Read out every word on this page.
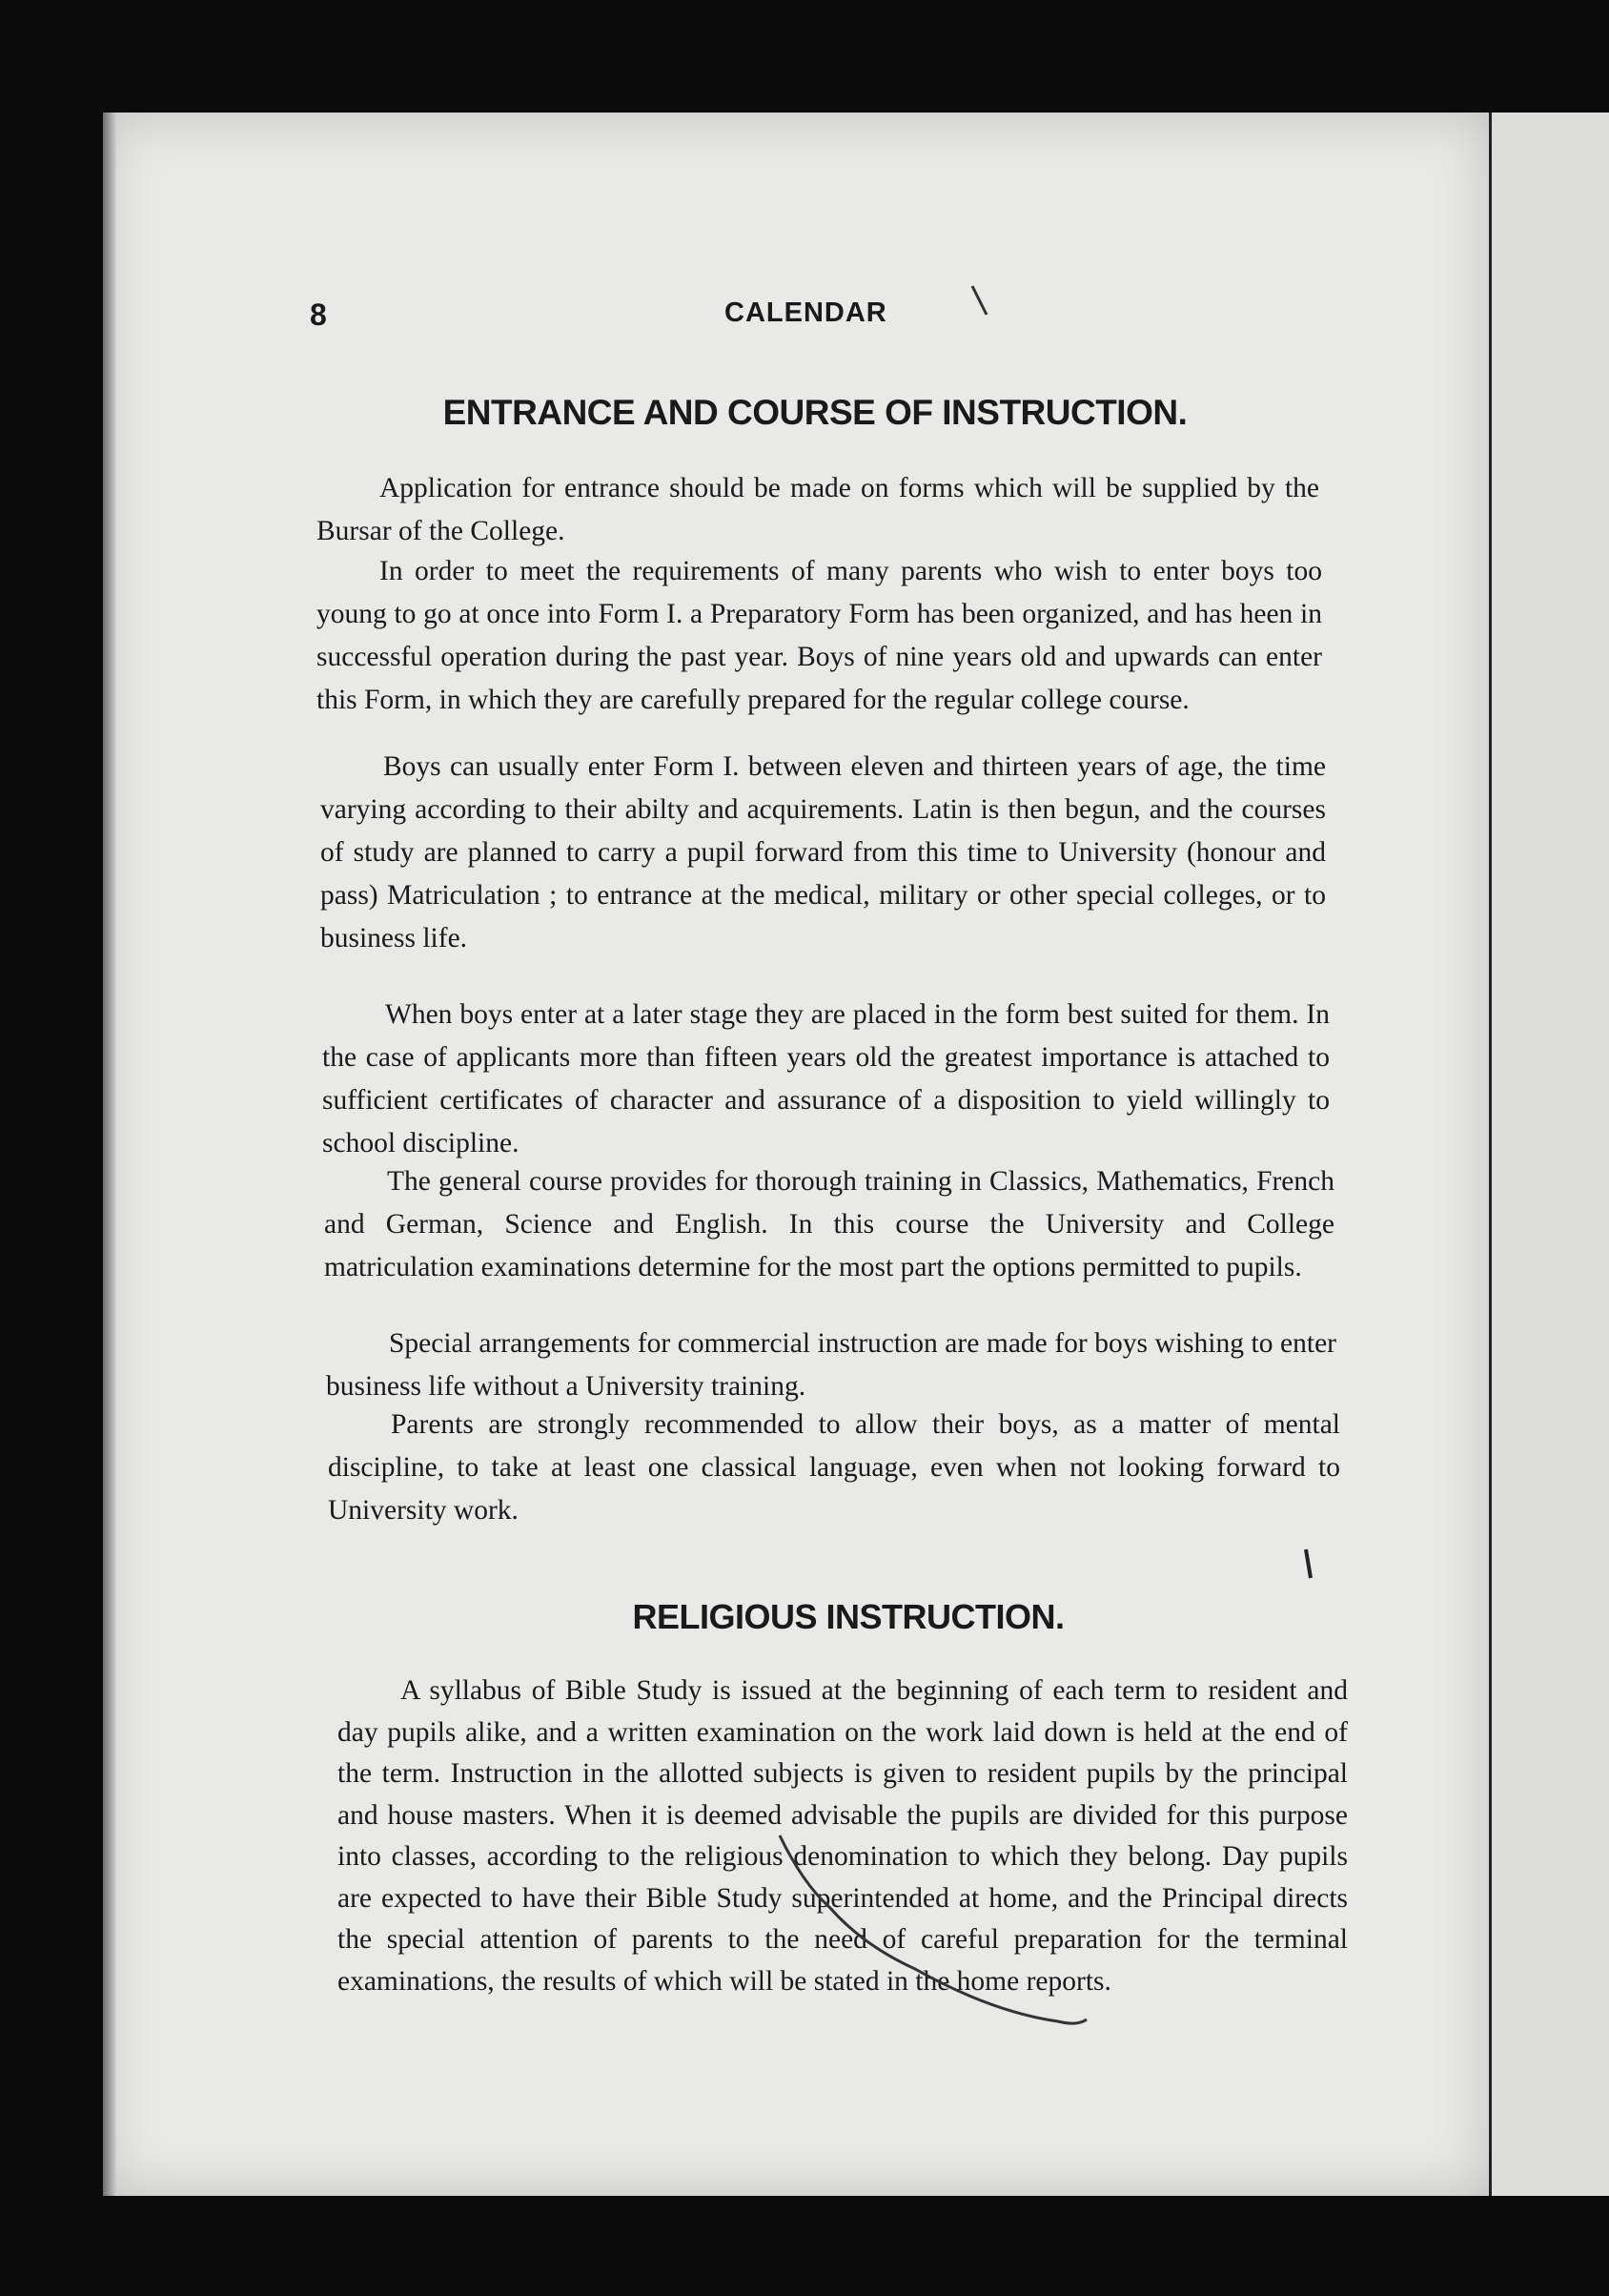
8	CALENDAR
ENTRANCE AND COURSE OF INSTRUCTION.

Application for entrance should be made on forms which will be supplied by the Bursar of the College.

In order to meet the requirements of many parents who wish to enter boys too young to go at once into Form I. a Preparatory Form has been organized, and has heen in successful operation during the past year. Boys of nine years old and upwards can enter this Form, in which they are carefully prepared for the regular college course.

Boys can usually enter Form I. between eleven and thirteen years of age, the time varying according to their abilty and acquirements. Latin is then begun, and the courses of study are planned to carry a pupil forward from this time to University (honour and pass) Matriculation ; to entrance at the medical, military or other special colleges, or to business life.

When boys enter at a later stage they are placed in the form best suited for them. In the case of applicants more than fifteen years old the greatest importance is attached to sufficient certificates of character and assurance of a disposition to yield willingly to school discipline.

The general course provides for thorough training in Classics, Mathematics, French and German, Science and English. In this course the University and College matriculation examinations determine for the most part the options permitted to pupils.

Special arrangements for commercial instruction are made for boys wishing to enter business life without a University training.

Parents are strongly recommended to allow their boys, as a matter of mental discipline, to take at least one classical language, even when not looking forward to University work.

RELIGIOUS INSTRUCTION.

A syllabus of Bible Study is issued at the beginning of each term to resident and day pupils alike, and a written examination on the work laid down is held at the end of the term. Instruction in the allotted subjects is given to resident pupils by the principal and house masters. When it is deemed advisable the pupils are divided for this purpose into classes, according to the religious denomination to which they belong. Day pupils are expected to have their Bible Study superintended at home, and the Principal directs the special attention of parents to the need of careful preparation for the terminal examinations, the results of which will be stated in the home reports.
